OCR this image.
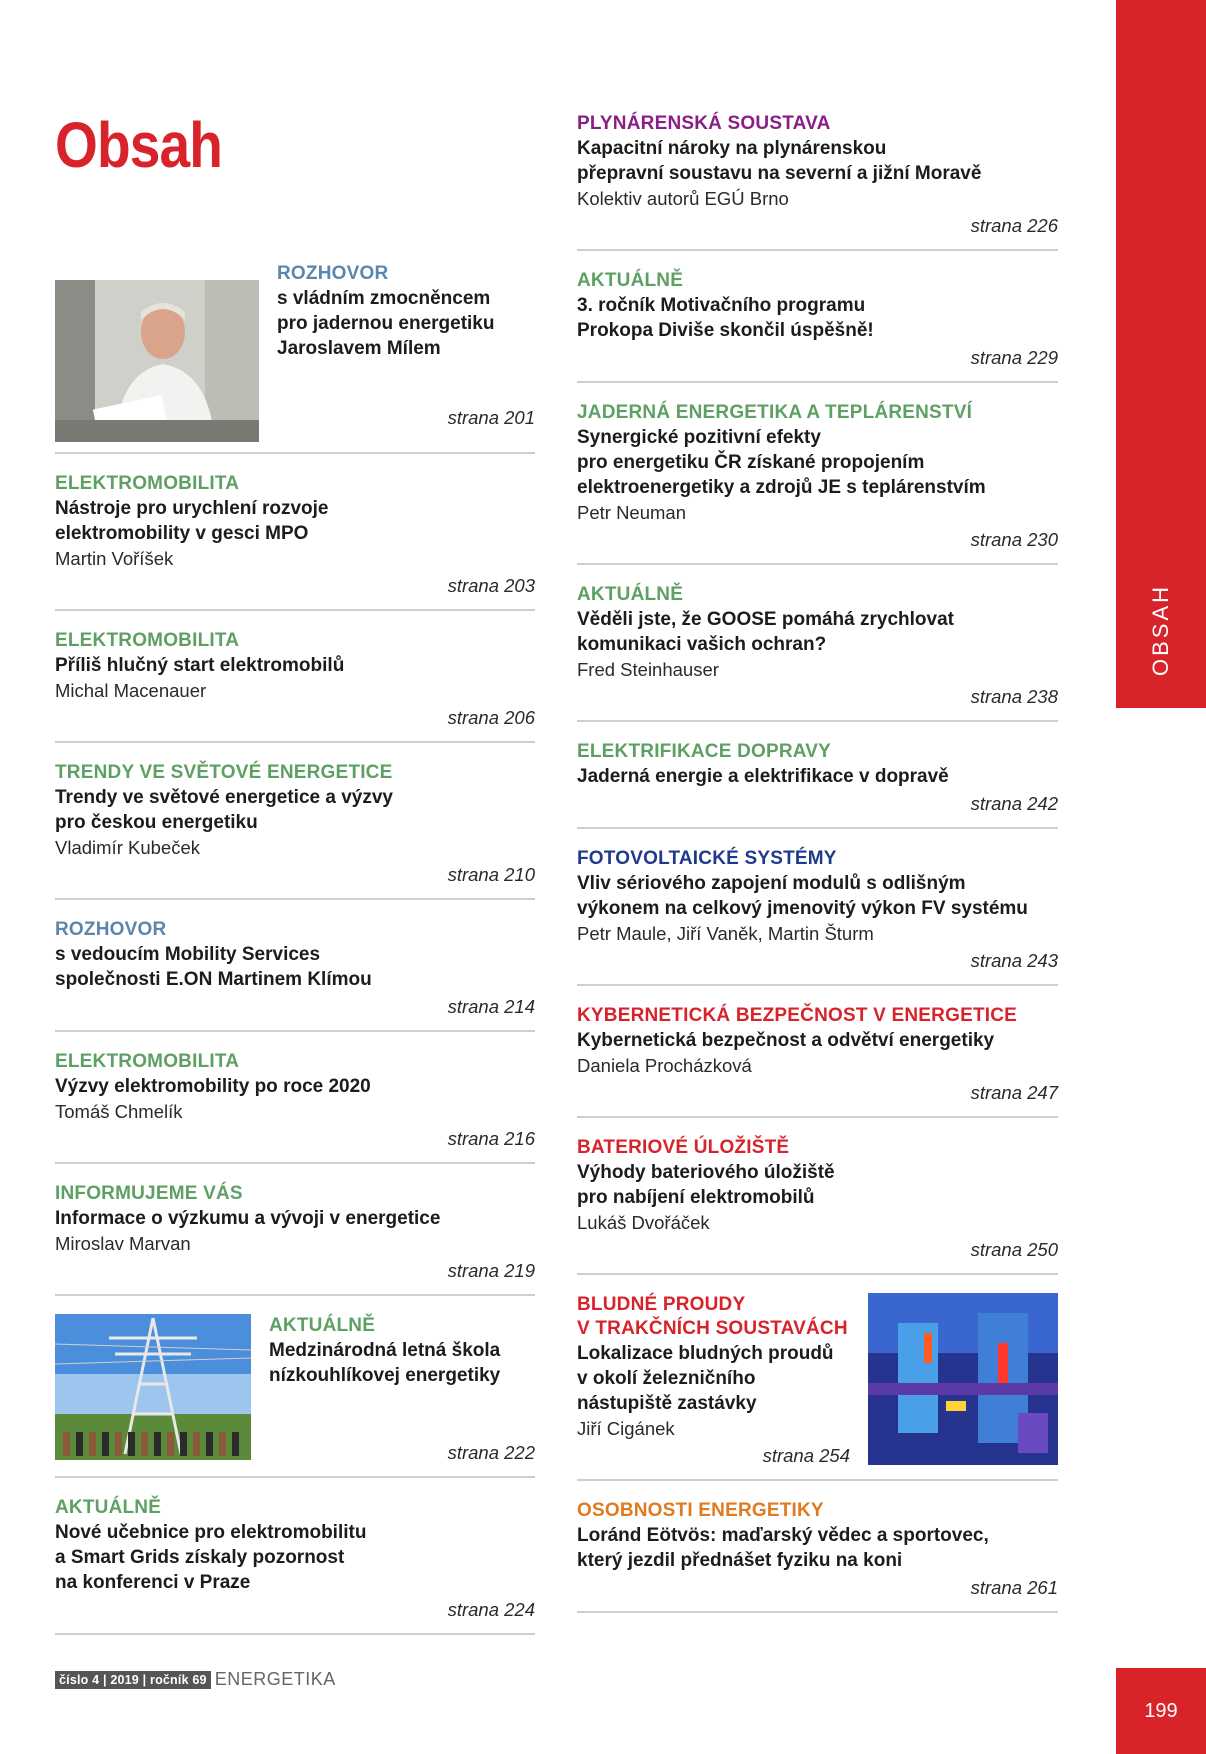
Obsah
OBSAH
ROZHOVOR
s vládním zmocněncem
pro jadernou energetiku
Jaroslavem Mílem
strana 201
ELEKTROMOBILITA
Nástroje pro urychlení rozvoje
elektromobility v gesci MPO
Martin Voříšek
strana 203
ELEKTROMOBILITA
Příliš hlučný start elektromobilů
Michal Macenauer
strana 206
TRENDY VE SVĚTOVÉ ENERGETICE
Trendy ve světové energetice a výzvy
pro českou energetiku
Vladimír Kubeček
strana 210
ROZHOVOR
s vedoucím Mobility Services
společnosti E.ON Martinem Klímou
strana 214
ELEKTROMOBILITA
Výzvy elektromobility po roce 2020
Tomáš Chmelík
strana 216
INFORMUJEME VÁS
Informace o výzkumu a vývoji v energetice
Miroslav Marvan
strana 219
AKTUÁLNĚ
Medzinárodná letná škola
nízkouhlíkovej energetiky
strana 222
AKTUÁLNĚ
Nové učebnice pro elektromobilitu
a Smart Grids získaly pozornost
na konferenci v Praze
strana 224
PLYNÁRENSKÁ SOUSTAVA
Kapacitní nároky na plynárenskou
přepravní soustavu na severní a jižní Moravě
Kolektiv autorů EGÚ Brno
strana 226
AKTUÁLNĚ
3. ročník Motivačního programu
Prokopa Diviše skončil úspěšně!
strana 229
JADERNÁ ENERGETIKA A TEPLÁRENSTVÍ
Synergické pozitivní efekty
pro energetiku ČR získané propojením
elektroenergetiky a zdrojů JE s teplárenstvím
Petr Neuman
strana 230
AKTUÁLNĚ
Věděli jste, že GOOSE pomáhá zrychlovat
komunikaci vašich ochran?
Fred Steinhauser
strana 238
ELEKTRIFIKACE DOPRAVY
Jaderná energie a elektrifikace v dopravě
strana 242
FOTOVOLTAICKÉ SYSTÉMY
Vliv sériového zapojení modulů s odlišným
výkonem na celkový jmenovitý výkon FV systému
Petr Maule, Jiří Vaněk, Martin Šturm
strana 243
KYBERNETICKÁ BEZPEČNOST V ENERGETICE
Kybernetická bezpečnost a odvětví energetiky
Daniela Procházková
strana 247
BATERIOVÉ ÚLOŽIŠTĚ
Výhody bateriového úložiště
pro nabíjení elektromobilů
Lukáš Dvořáček
strana 250
BLUDNÉ PROUDY
V TRAKČNÍCH SOUSTAVÁCH
Lokalizace bludných proudů
v okolí železničního
nástupiště zastávky
Jiří Cigánek
strana 254
OSOBNOSTI ENERGETIKY
Loránd Eötvös: maďarský vědec a sportovec,
který jezdil přednášet fyziku na koni
strana 261
číslo 4 | 2019 | ročník 69 ENERGETIKA
199
